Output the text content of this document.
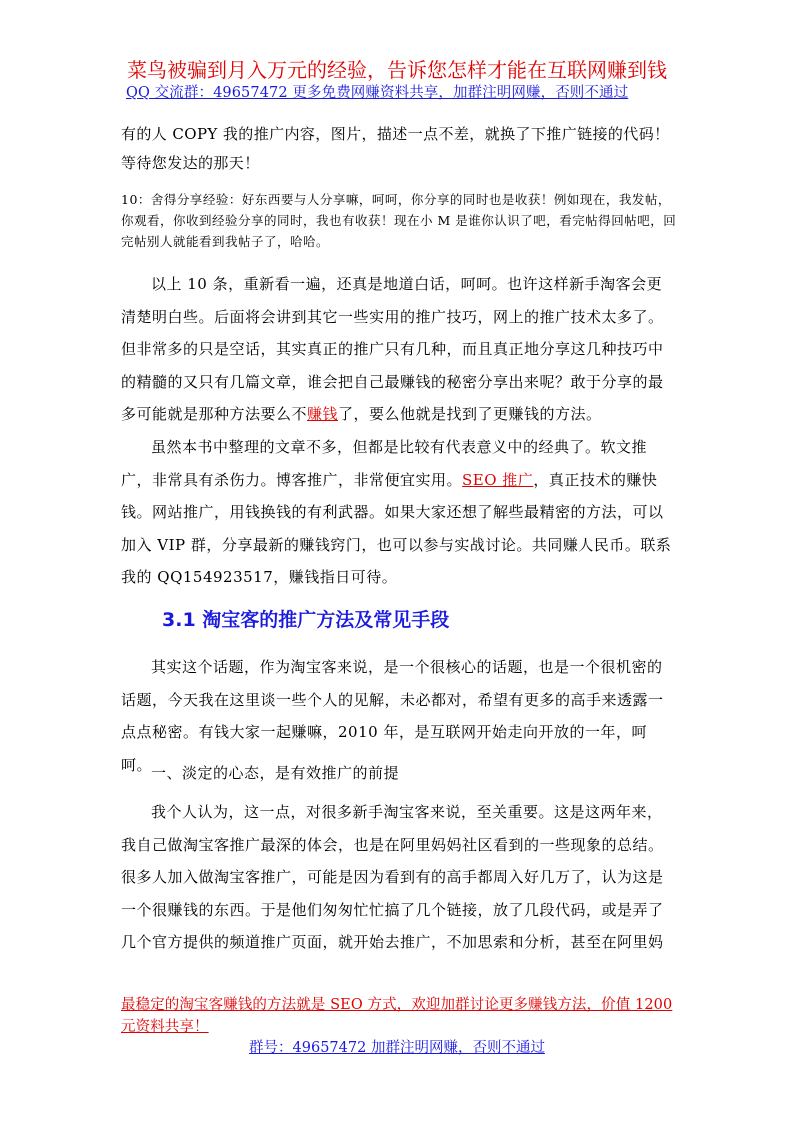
菜鸟被骗到月入万元的经验，告诉您怎样才能在互联网赚到钱
QQ 交流群：49657472 更多免费网赚资料共享，加群注明网赚，否则不通过

有的人 COPY 我的推广内容，图片，描述一点不差，就换了下推广链接的代码！等待您发达的那天！

10：舍得分享经验：好东西要与人分享嘛，呵呵，你分享的同时也是收获！例如现在，我发帖，你观看，你收到经验分享的同时，我也有收获！现在小 M 是谁你认识了吧，看完帖得回帖吧，回完帖别人就能看到我帖子了，哈哈。

以上 10 条，重新看一遍，还真是地道白话，呵呵。也许这样新手淘客会更清楚明白些。后面将会讲到其它一些实用的推广技巧，网上的推广技术太多了。但非常多的只是空话，其实真正的推广只有几种，而且真正地分享这几种技巧中的精髓的又只有几篇文章，谁会把自己最赚钱的秘密分享出来呢？敢于分享的最多可能就是那种方法要么不赚钱了，要么他就是找到了更赚钱的方法。

虽然本书中整理的文章不多，但都是比较有代表意义中的经典了。软文推广，非常具有杀伤力。博客推广，非常便宜实用。SEO 推广，真正技术的赚快钱。网站推广，用钱换钱的有利武器。如果大家还想了解些最精密的方法，可以加入 VIP 群，分享最新的赚钱窍门，也可以参与实战讨论。共同赚人民币。联系我的 QQ154923517，赚钱指日可待。

3.1 淘宝客的推广方法及常见手段

其实这个话题，作为淘宝客来说，是一个很核心的话题，也是一个很机密的话题，今天我在这里谈一些个人的见解，未必都对，希望有更多的高手来透露一点点秘密。有钱大家一起赚嘛，2010 年，是互联网开始走向开放的一年，呵呵。

一、淡定的心态，是有效推广的前提

我个人认为，这一点，对很多新手淘宝客来说，至关重要。这是这两年来，我自己做淘宝客推广最深的体会，也是在阿里妈妈社区看到的一些现象的总结。很多人加入做淘宝客推广，可能是因为看到有的高手都周入好几万了，认为这是一个很赚钱的东西。于是他们匆匆忙忙搞了几个链接，放了几段代码，或是弄了几个官方提供的频道推广页面，就开始去推广，不加思索和分析，甚至在阿里妈

最稳定的淘宝客赚钱的方法就是 SEO 方式，欢迎加群讨论更多赚钱方法，价值 1200 元资料共享！
群号：49657472 加群注明网赚，否则不通过
